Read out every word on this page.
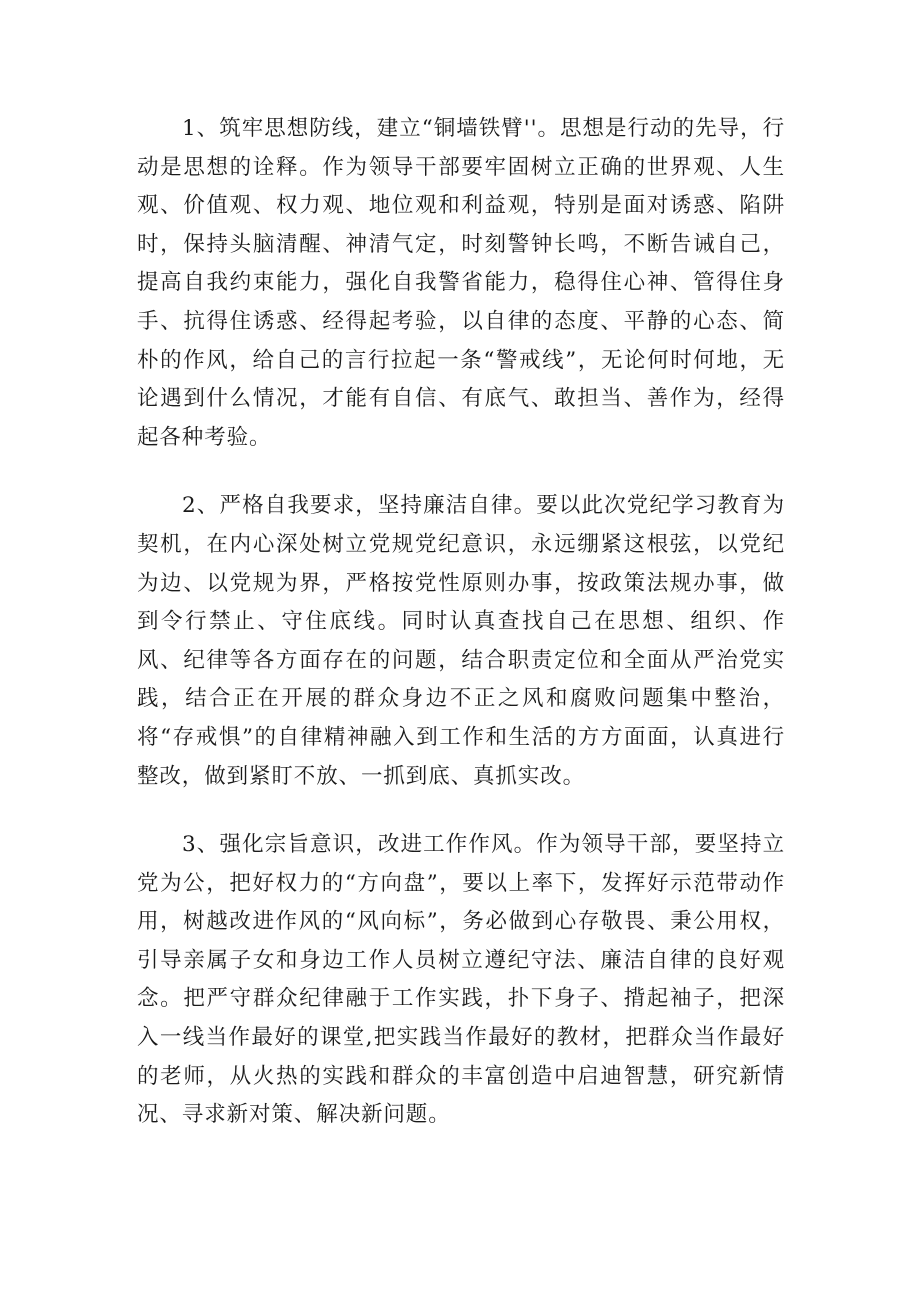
1、筑牢思想防线，建立“铜墙铁臂''。思想是行动的先导，行动是思想的诠释。作为领导干部要牢固树立正确的世界观、人生观、价值观、权力观、地位观和利益观，特别是面对诱惑、陷阱时，保持头脑清醒、神清气定，时刻警钟长鸣，不断告诫自己，提高自我约束能力，强化自我警省能力，稳得住心神、管得住身手、抗得住诱惑、经得起考验，以自律的态度、平静的心态、简朴的作风，给自己的言行拉起一条“警戒线”，无论何时何地，无论遇到什么情况，才能有自信、有底气、敢担当、善作为，经得起各种考验。

2、严格自我要求，坚持廉洁自律。要以此次党纪学习教育为契机，在内心深处树立党规党纪意识，永远绷紧这根弦，以党纪为边、以党规为界，严格按党性原则办事，按政策法规办事，做到令行禁止、守住底线。同时认真查找自己在思想、组织、作风、纪律等各方面存在的问题，结合职责定位和全面从严治党实践，结合正在开展的群众身边不正之风和腐败问题集中整治，将“存戒惧”的自律精神融入到工作和生活的方方面面，认真进行整改，做到紧盯不放、一抓到底、真抓实改。

3、强化宗旨意识，改进工作作风。作为领导干部，要坚持立党为公，把好权力的“方向盘”，要以上率下，发挥好示范带动作用，树越改进作风的“风向标”，务必做到心存敬畏、秉公用权，引导亲属子女和身边工作人员树立遵纪守法、廉洁自律的良好观念。把严守群众纪律融于工作实践，扑下身子、揹起袖子，把深入一线当作最好的课堂,把实践当作最好的教材，把群众当作最好的老师，从火热的实践和群众的丰富创造中启迪智慧，研究新情况、寻求新对策、解决新问题。
